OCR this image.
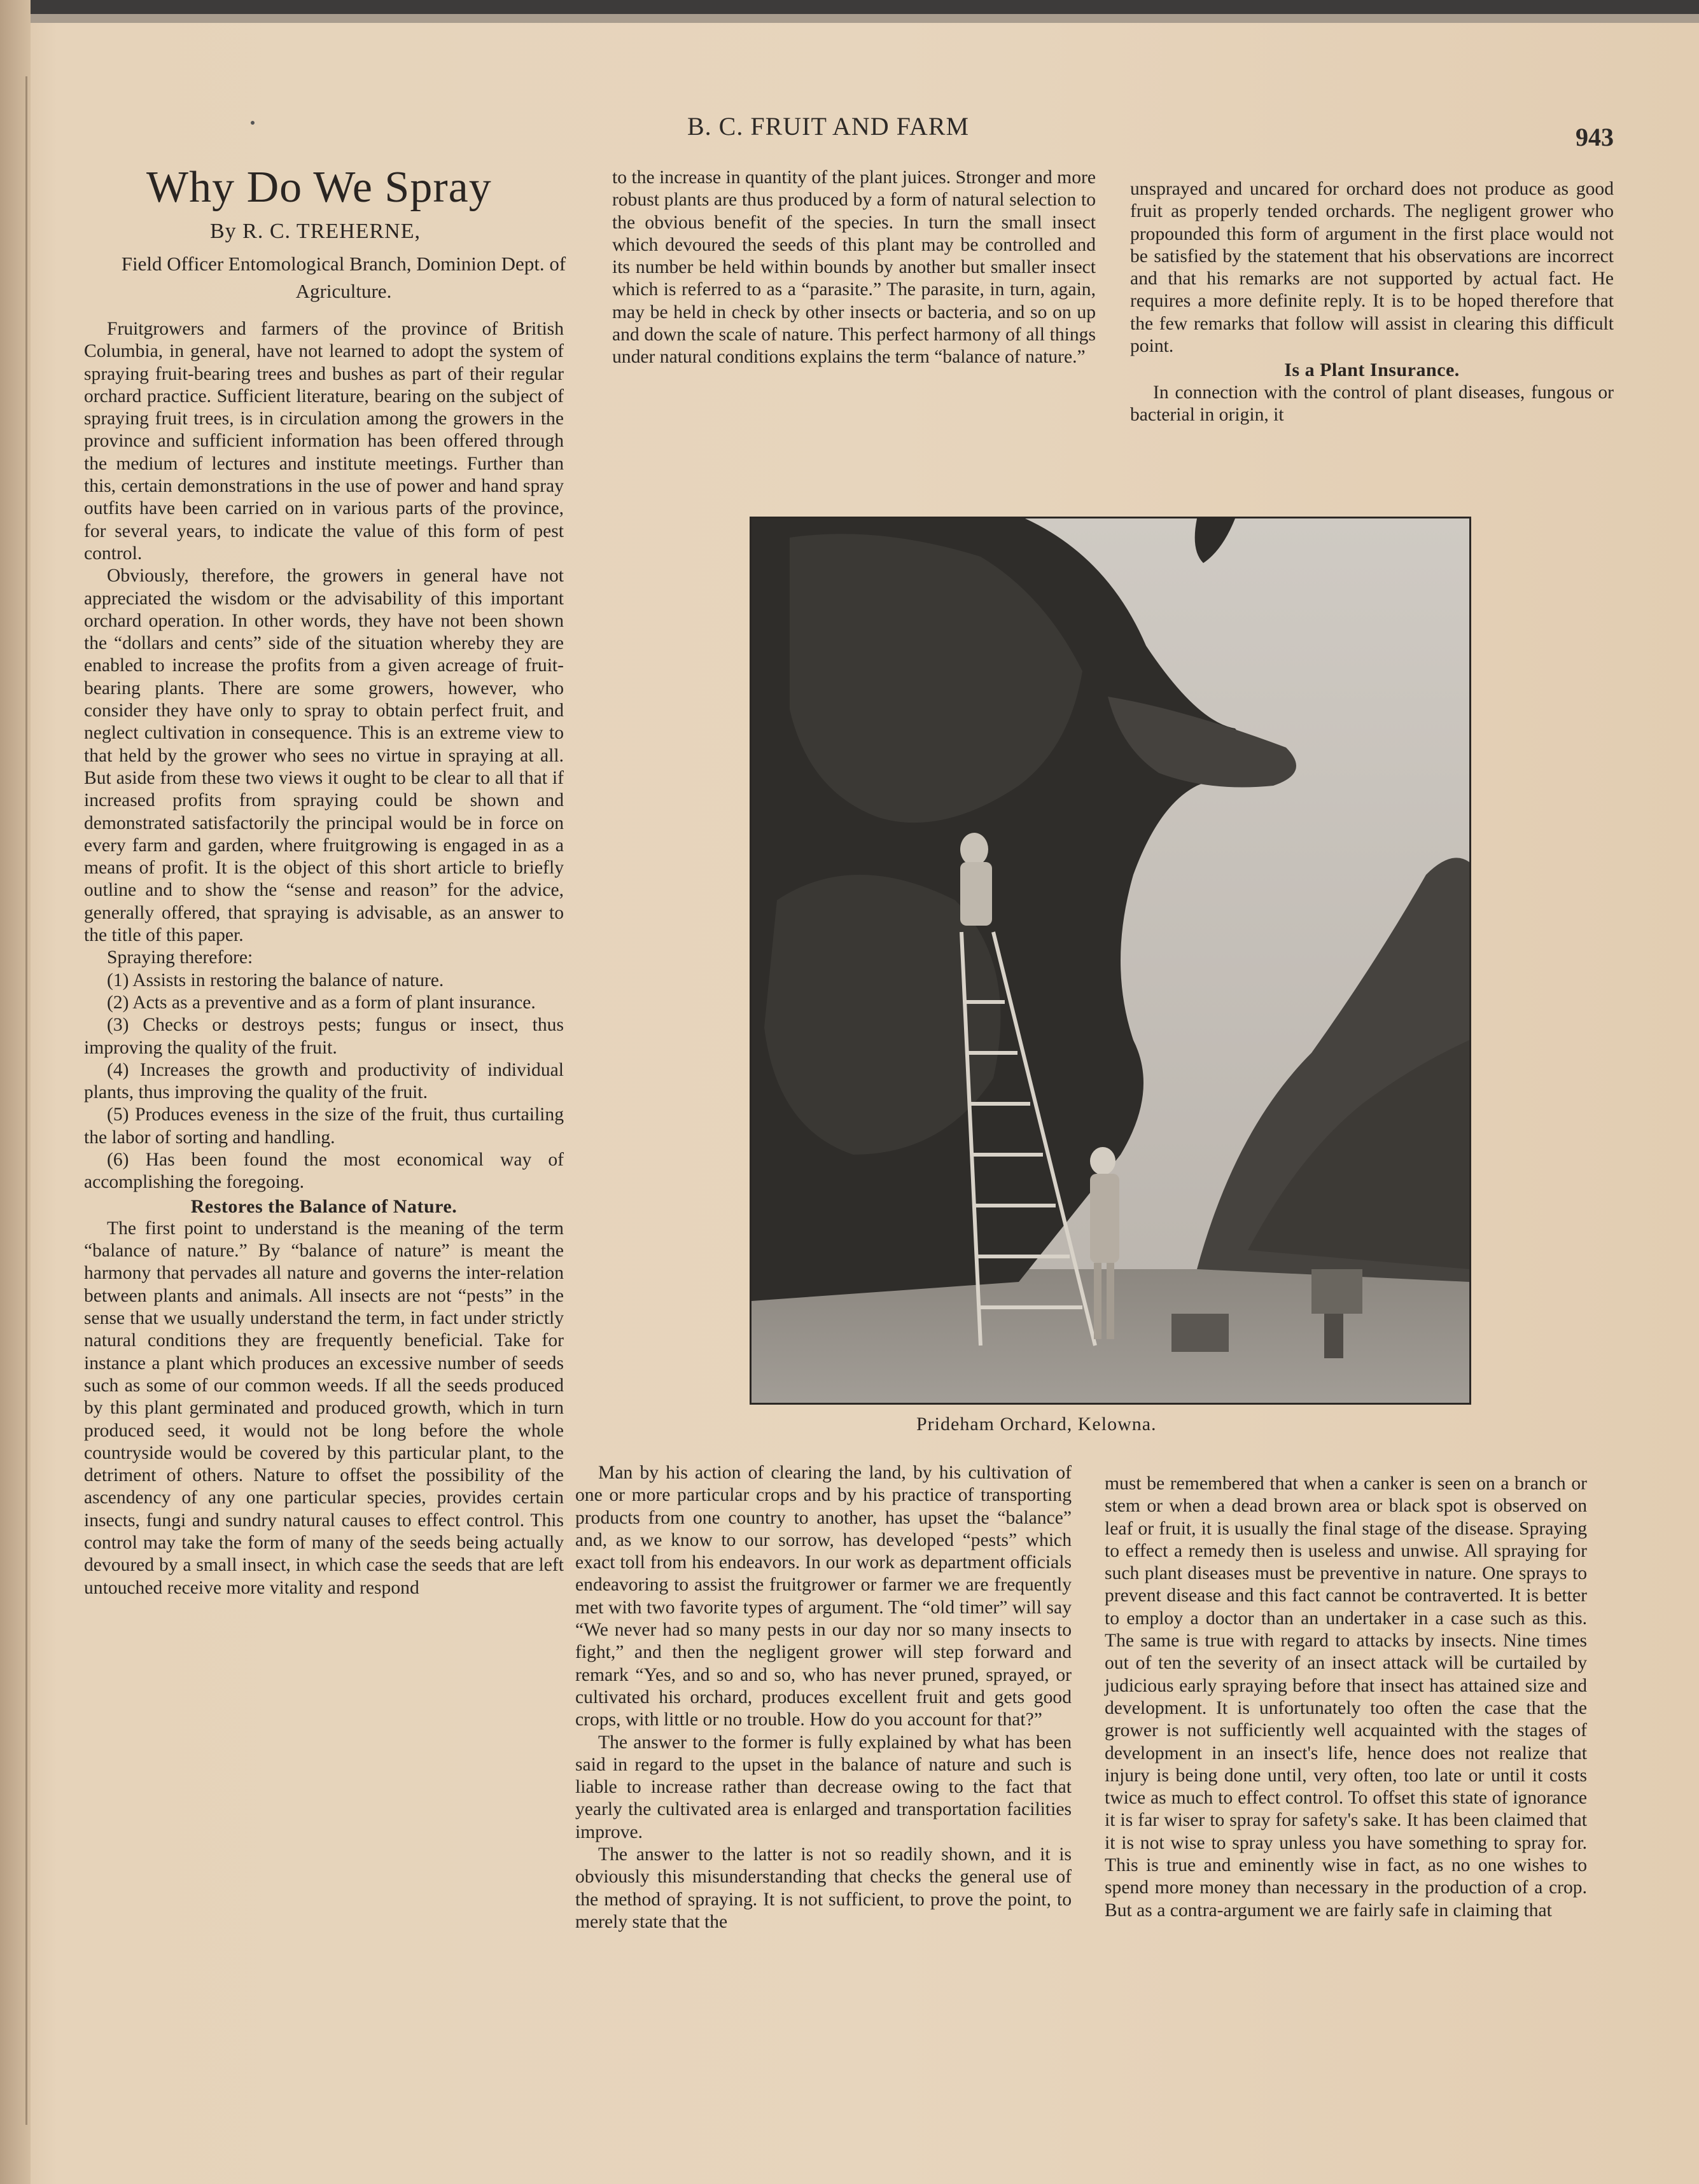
B. C. FRUIT AND FARM	943
Why Do We Spray
By R. C. TREHERNE,
Field Officer Entomological Branch, Dominion Dept. of Agriculture.

Fruitgrowers and farmers of the province of British Columbia, in general, have not learned to adopt the system of spraying fruit-bearing trees and bushes as part of their regular orchard practice. Sufficient literature, bearing on the subject of spraying fruit trees, is in circulation among the growers in the province and sufficient information has been offered through the medium of lectures and institute meetings. Further than this, certain demonstrations in the use of power and hand spray outfits have been carried on in various parts of the province, for several years, to indicate the value of this form of pest control.

Obviously, therefore, the growers in general have not appreciated the wisdom or the advisability of this important orchard operation. In other words, they have not been shown the “dollars and cents” side of the situation whereby they are enabled to increase the profits from a given acreage of fruit-bearing plants. There are some growers, however, who consider they have only to spray to obtain perfect fruit, and neglect cultivation in consequence. This is an extreme view to that held by the grower who sees no virtue in spraying at all. But aside from these two views it ought to be clear to all that if increased profits from spraying could be shown and demonstrated satisfactorily the principal would be in force on every farm and garden, where fruitgrowing is engaged in as a means of profit. It is the object of this short article to briefly outline and to show the “sense and reason” for the advice, generally offered, that spraying is advisable, as an answer to the title of this paper.

Spraying therefore:

(1) Assists in restoring the balance of nature.

(2) Acts as a preventive and as a form of plant insurance.

(3) Checks or destroys pests; fungus or insect, thus improving the quality of the fruit.

(4) Increases the growth and productivity of individual plants, thus improving the quality of the fruit.

(5) Produces eveness in the size of the fruit, thus curtailing the labor of sorting and handling.

(6) Has been found the most economical way of accomplishing the foregoing.

Restores the Balance of Nature.

The first point to understand is the meaning of the term “balance of nature.” By “balance of nature” is meant the harmony that pervades all nature and governs the inter-relation between plants and animals. All insects are not “pests” in the sense that we usually understand the term, in fact under strictly natural conditions they are frequently beneficial. Take for instance a plant which produces an excessive number of seeds such as some of our common weeds. If all the seeds produced by this plant germinated and produced growth, which in turn produced seed, it would not be long before the whole countryside would be covered by this particular plant, to the detriment of others. Nature to offset the possibility of the ascendency of any one particular species, provides certain insects, fungi and sundry natural causes to effect control. This control may take the form of many of the seeds being actually devoured by a small insect, in which case the seeds that are left untouched receive more vitality and respond

to the increase in quantity of the plant juices. Stronger and more robust plants are thus produced by a form of natural selection to the obvious benefit of the species. In turn the small insect which devoured the seeds of this plant may be controlled and its number be held within bounds by another but smaller insect which is referred to as a “parasite.” The parasite, in turn, again, may be held in check by other insects or bacteria, and so on up and down the scale of nature. This perfect harmony of all things under natural conditions explains the term “balance of nature.”

unsprayed and uncared for orchard does not produce as good fruit as properly tended orchards. The negligent grower who propounded this form of argument in the first place would not be satisfied by the statement that his observations are incorrect and that his remarks are not supported by actual fact. He requires a more definite reply. It is to be hoped therefore that the few remarks that follow will assist in clearing this difficult point.

Is a Plant Insurance.

In connection with the control of plant diseases, fungous or bacterial in origin, it

Prideham Orchard, Kelowna.

Man by his action of clearing the land, by his cultivation of one or more particular crops and by his practice of transporting products from one country to another, has upset the “balance” and, as we know to our sorrow, has developed “pests” which exact toll from his endeavors. In our work as department officials endeavoring to assist the fruitgrower or farmer we are frequently met with two favorite types of argument. The “old timer” will say “We never had so many pests in our day nor so many insects to fight,” and then the negligent grower will step forward and remark “Yes, and so and so, who has never pruned, sprayed, or cultivated his orchard, produces excellent fruit and gets good crops, with little or no trouble. How do you account for that?”

The answer to the former is fully explained by what has been said in regard to the upset in the balance of nature and such is liable to increase rather than decrease owing to the fact that yearly the cultivated area is enlarged and transportation facilities improve.

The answer to the latter is not so readily shown, and it is obviously this misunderstanding that checks the general use of the method of spraying. It is not sufficient, to prove the point, to merely state that the

must be remembered that when a canker is seen on a branch or stem or when a dead brown area or black spot is observed on leaf or fruit, it is usually the final stage of the disease. Spraying to effect a remedy then is useless and unwise. All spraying for such plant diseases must be preventive in nature. One sprays to prevent disease and this fact cannot be contraverted. It is better to employ a doctor than an undertaker in a case such as this. The same is true with regard to attacks by insects. Nine times out of ten the severity of an insect attack will be curtailed by judicious early spraying before that insect has attained size and development. It is unfortunately too often the case that the grower is not sufficiently well acquainted with the stages of development in an insect's life, hence does not realize that injury is being done until, very often, too late or until it costs twice as much to effect control. To offset this state of ignorance it is far wiser to spray for safety's sake. It has been claimed that it is not wise to spray unless you have something to spray for. This is true and eminently wise in fact, as no one wishes to spend more money than necessary in the production of a crop. But as a contra-argument we are fairly safe in claiming that
